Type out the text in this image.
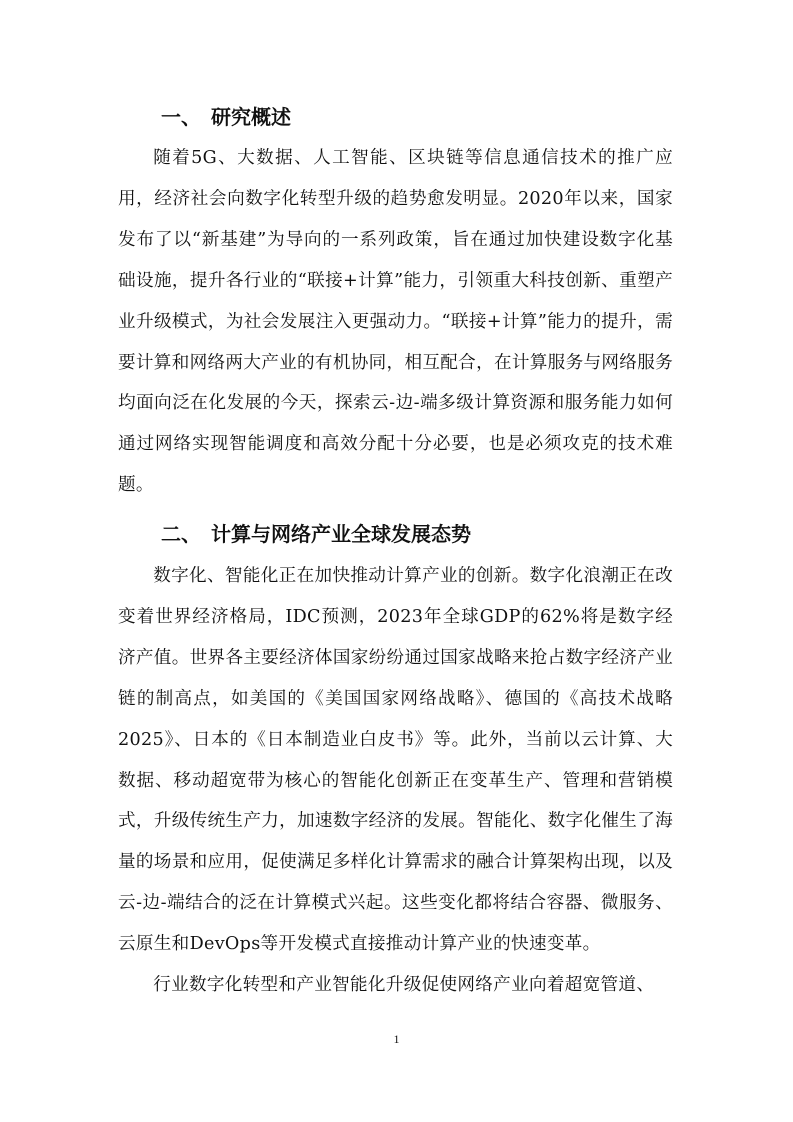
一、 研究概述

随着5G、大数据、人工智能、区块链等信息通信技术的推广应用，经济社会向数字化转型升级的趋势愈发明显。2020年以来，国家发布了以“新基建”为导向的一系列政策，旨在通过加快建设数字化基础设施，提升各行业的“联接+计算”能力，引领重大科技创新、重塑产业升级模式，为社会发展注入更强动力。“联接+计算”能力的提升，需要计算和网络两大产业的有机协同，相互配合，在计算服务与网络服务均面向泛在化发展的今天，探索云-边-端多级计算资源和服务能力如何通过网络实现智能调度和高效分配十分必要，也是必须攻克的技术难题。

二、 计算与网络产业全球发展态势

数字化、智能化正在加快推动计算产业的创新。数字化浪潮正在改变着世界经济格局，IDC预测，2023年全球GDP的62%将是数字经济产值。世界各主要经济体国家纷纷通过国家战略来抢占数字经济产业链的制高点，如美国的《美国国家网络战略》、德国的《高技术战略2025》、日本的《日本制造业白皮书》等。此外，当前以云计算、大数据、移动超宽带为核心的智能化创新正在变革生产、管理和营销模式，升级传统生产力，加速数字经济的发展。智能化、数字化催生了海量的场景和应用，促使满足多样化计算需求的融合计算架构出现，以及云-边-端结合的泛在计算模式兴起。这些变化都将结合容器、微服务、云原生和DevOps等开发模式直接推动计算产业的快速变革。

行业数字化转型和产业智能化升级促使网络产业向着超宽管道、

1
